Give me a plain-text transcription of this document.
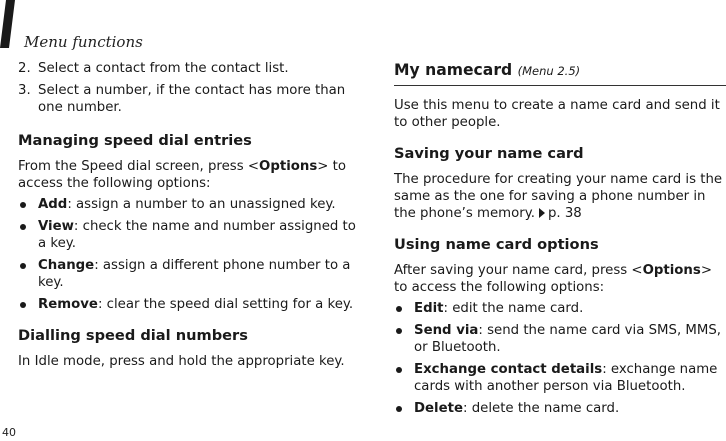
Menu functions
2. Select a contact from the contact list.
3. Select a number, if the contact has more than one number.
Managing speed dial entries

From the Speed dial screen, press <Options> to access the following options:

Add: assign a number to an unassigned key.
View: check the name and number assigned to a key.
Change: assign a different phone number to a key.
Remove: clear the speed dial setting for a key.
Dialling speed dial numbers

In Idle mode, press and hold the appropriate key.

My namecard (Menu 2.5)

Use this menu to create a name card and send it to other people.

Saving your name card

The procedure for creating your name card is the same as the one for saving a phone number in the phone’s memory. p. 38

Using name card options

After saving your name card, press <Options> to access the following options:

Edit: edit the name card.
Send via: send the name card via SMS, MMS, or Bluetooth.
Exchange contact details: exchange name cards with another person via Bluetooth.
Delete: delete the name card.
40
